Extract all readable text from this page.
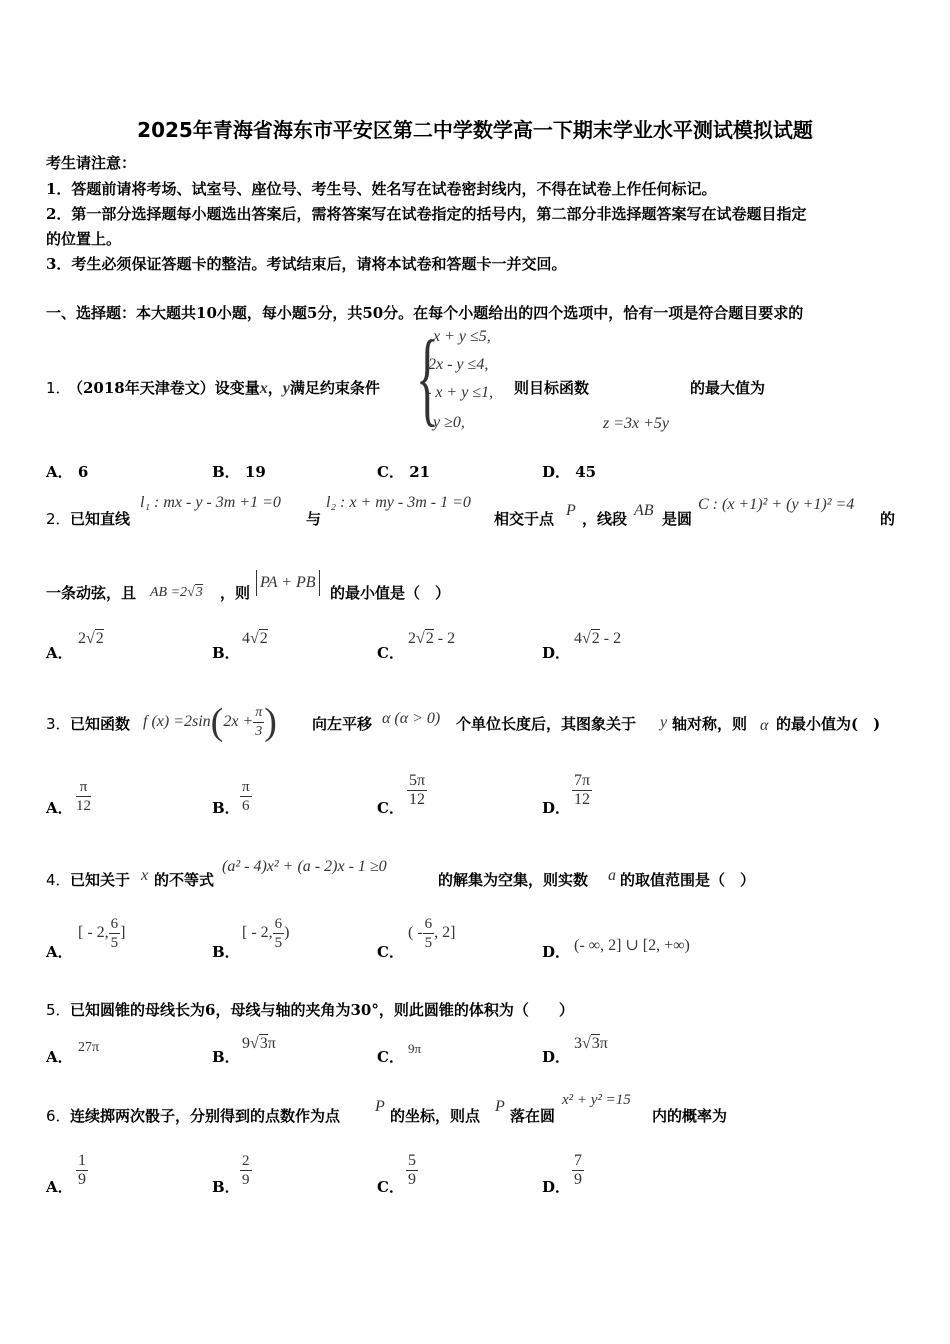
2025年青海省海东市平安区第二中学数学高一下期末学业水平测试模拟试题
考生请注意：
1．答题前请将考场、试室号、座位号、考生号、姓名写在试卷密封线内，不得在试卷上作任何标记。
2．第一部分选择题每小题选出答案后，需将答案写在试卷指定的括号内，第二部分非选择题答案写在试卷题目指定
的位置上。
3．考生必须保证答题卡的整洁。考试结束后，请将本试卷和答题卡一并交回。
一、选择题：本大题共10小题，每小题5分，共50分。在每个小题给出的四个选项中，恰有一项是符合题目要求的
1．
（2018年天津卷文）设变量x，y满足约束条件 {
x + y ≤5,
2x - y ≤4,
- x + y ≤1,
y ≥0,
则目标函数
z =3x +5y
的最大值为
A． 6	B． 19	C． 21	D． 45
2． 已知直线
l₁ : mx - y - 3m +1 =0
与
l₂ : x + my - 3m - 1 =0
相交于点 P ，线段 AB 是圆
C : (x +1)² + (y +1)² =4
的
一条动弦，且 AB =2√3 ，则
PA + PB
的最小值是（　）
A．
2√2
B．
4√2
C．
2√2 - 2
D．
4√2 - 2
3． 已知函数 f $(x) =2\sin(2x + \frac{\pi}{3}$ ) 向左平移 α (α > 0) 个单位长度后，其图象关于 y 轴对称，则 α 的最小值为(　)
A． $\frac{\pi}{12}$	B． $\frac{\pi}{6}$	C． $\frac{5\pi}{12}$	D． $\frac{7\pi}{12}$
4． 已知关于 x 的不等式
(a² - 4)x² + (a - 2)x - 1 ≥0
的解集为空集，则实数 a 的取值范围是（　）
A．
[ - 2, $\frac{6}{5}$ ]
B．
[ - 2, $\frac{6}{5}$ )
C．
( - $\frac{6}{5}$ , 2]
D． (- ∞, 2] ∪ [2, +∞)
5． 已知圆锥的母线长为6，母线与轴的夹角为30°，则此圆锥的体积为（　　）
A．
27π
B．
9√3π
C． 9π	D．
3√3π
6． 连续掷两次骰子，分别得到的点数作为点
P
的坐标，则点
P
落在圆
x² + y² =15
内的概率为
A． $\frac{1}{9}$	B． $\frac{2}{9}$	C． $\frac{5}{9}$	D． $\frac{7}{9}$
